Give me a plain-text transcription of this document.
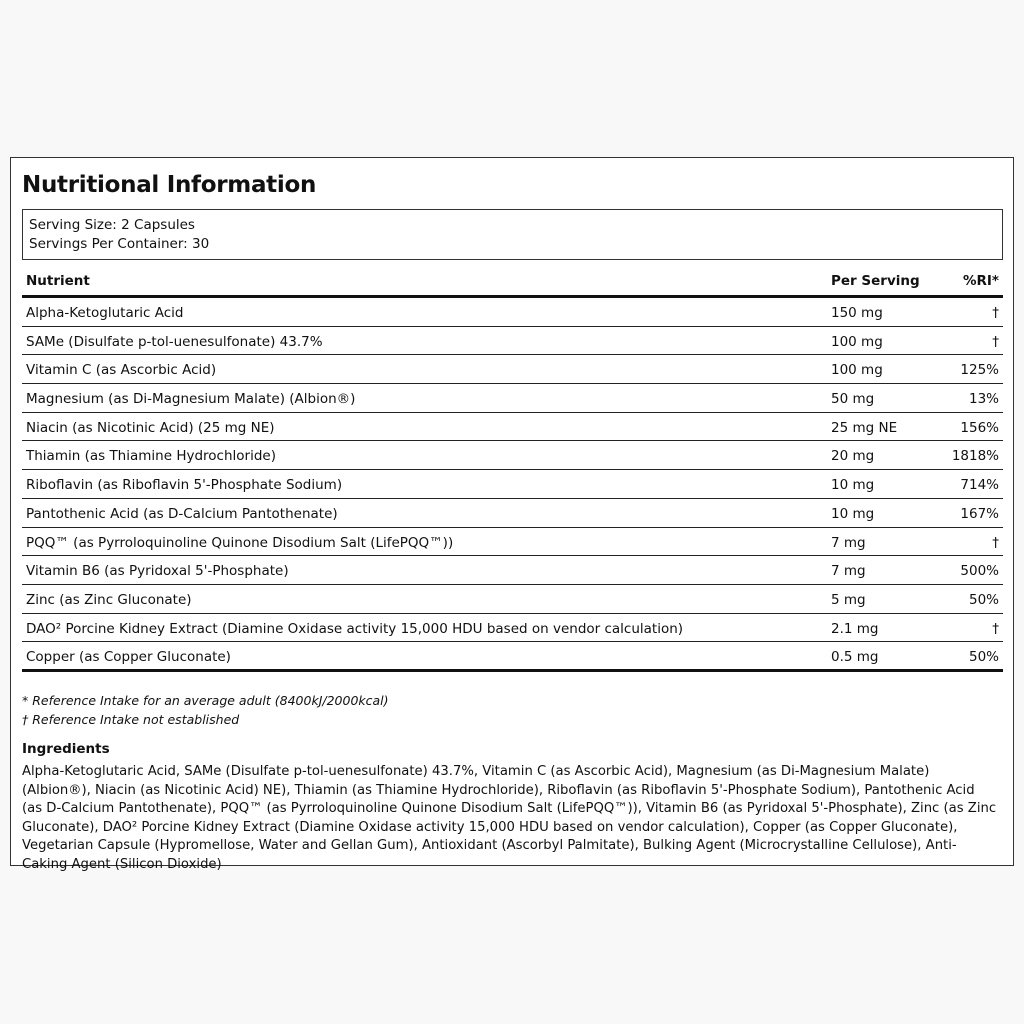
Nutritional Information
Serving Size: 2 Capsules
Servings Per Container: 30
Nutrient	Per Serving	%RI*
Alpha-Ketoglutaric Acid	150 mg	†
SAMe (Disulfate p-tol-uenesulfonate) 43.7%	100 mg	†
Vitamin C (as Ascorbic Acid)	100 mg	125%
Magnesium (as Di-Magnesium Malate) (Albion®)	50 mg	13%
Niacin (as Nicotinic Acid) (25 mg NE)	25 mg NE	156%
Thiamin (as Thiamine Hydrochloride)	20 mg	1818%
Riboflavin (as Riboflavin 5'-Phosphate Sodium)	10 mg	714%
Pantothenic Acid (as D-Calcium Pantothenate)	10 mg	167%
PQQ™ (as Pyrroloquinoline Quinone Disodium Salt (LifePQQ™))	7 mg	†
Vitamin B6 (as Pyridoxal 5'-Phosphate)	7 mg	500%
Zinc (as Zinc Gluconate)	5 mg	50%
DAO² Porcine Kidney Extract (Diamine Oxidase activity 15,000 HDU based on vendor calculation)	2.1 mg	†
Copper (as Copper Gluconate)	0.5 mg	50%
* Reference Intake for an average adult (8400kJ/2000kcal)
† Reference Intake not established
Ingredients
Alpha-Ketoglutaric Acid, SAMe (Disulfate p-tol-uenesulfonate) 43.7%, Vitamin C (as Ascorbic Acid), Magnesium (as Di-Magnesium Malate) (Albion®), Niacin (as Nicotinic Acid) NE), Thiamin (as Thiamine Hydrochloride), Riboflavin (as Riboflavin 5'-Phosphate Sodium), Pantothenic Acid (as D-Calcium Pantothenate), PQQ™ (as Pyrroloquinoline Quinone Disodium Salt (LifePQQ™)), Vitamin B6 (as Pyridoxal 5'-Phosphate), Zinc (as Zinc Gluconate), DAO² Porcine Kidney Extract (Diamine Oxidase activity 15,000 HDU based on vendor calculation), Copper (as Copper Gluconate), Vegetarian Capsule (Hypromellose, Water and Gellan Gum), Antioxidant (Ascorbyl Palmitate), Bulking Agent (Microcrystalline Cellulose), Anti-Caking Agent (Silicon Dioxide)
